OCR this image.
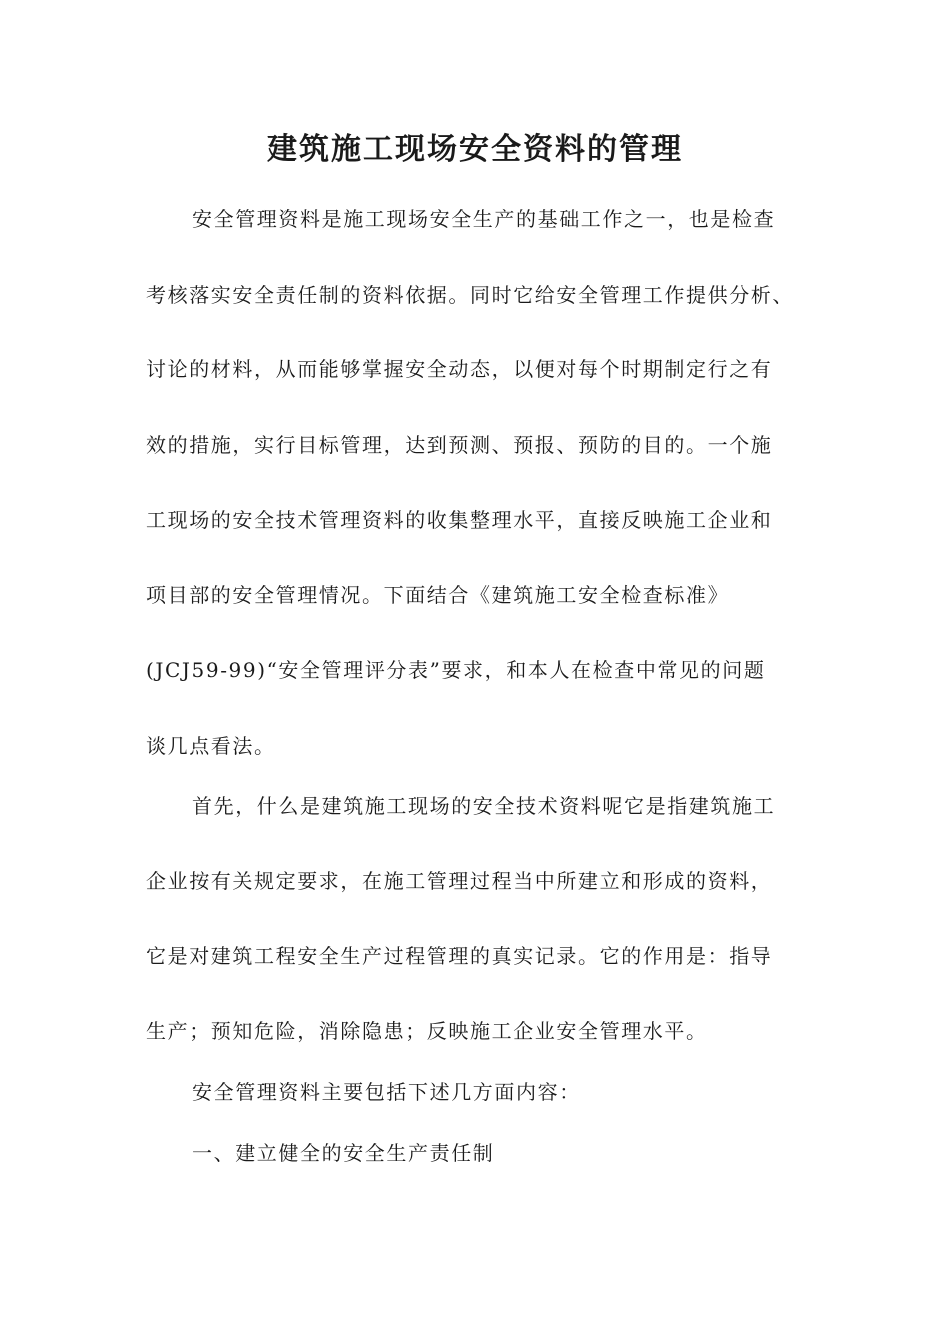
建筑施工现场安全资料的管理
安全管理资料是施工现场安全生产的基础工作之一，也是检查
考核落实安全责任制的资料依据。同时它给安全管理工作提供分析、
讨论的材料，从而能够掌握安全动态，以便对每个时期制定行之有
效的措施，实行目标管理，达到预测、预报、预防的目的。一个施
工现场的安全技术管理资料的收集整理水平，直接反映施工企业和
项目部的安全管理情况。下面结合《建筑施工安全检查标准》
(JCJ59-99)“安全管理评分表”要求，和本人在检查中常见的问题
谈几点看法。
首先，什么是建筑施工现场的安全技术资料呢它是指建筑施工
企业按有关规定要求，在施工管理过程当中所建立和形成的资料，
它是对建筑工程安全生产过程管理的真实记录。它的作用是：指导
生产；预知危险，消除隐患；反映施工企业安全管理水平。
安全管理资料主要包括下述几方面内容：
一、建立健全的安全生产责任制
